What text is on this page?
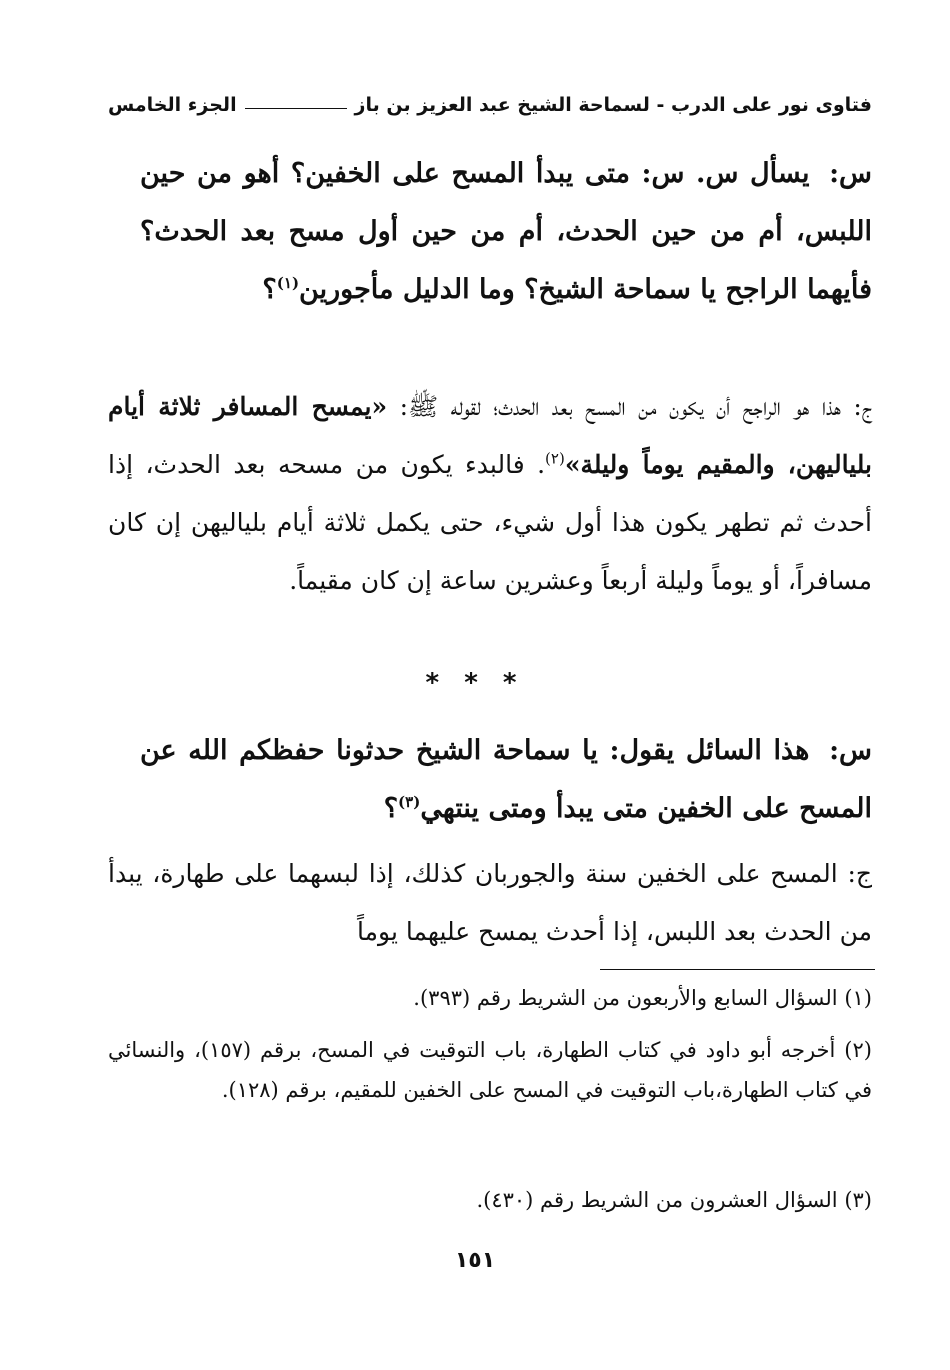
فتاوى نور على الدرب - لسماحة الشيخ عبد العزيز بن باز
الجزء الخامس
س: يسأل س. س: متى يبدأ المسح على الخفين؟ أهو من حين اللبس، أم من حين الحدث، أم من حين أول مسح بعد الحدث؟ فأيهما الراجح يا سماحة الشيخ؟ وما الدليل مأجورين$^{(١)}$؟
ج: هذا هو الراجح أن يكون من المسح بعد الحدث؛ لقوله ﷺ: «يمسح المسافر ثلاثة أيام بلياليهن، والمقيم يوماً وليلة»$^{(٢)}$. فالبدء يكون من مسحه بعد الحدث، إذا أحدث ثم تطهر يكون هذا أول شيء، حتى يكمل ثلاثة أيام بلياليهن إن كان مسافراً، أو يوماً وليلة أربعاً وعشرين ساعة إن كان مقيماً.
* * *
س: هذا السائل يقول: يا سماحة الشيخ حدثونا حفظكم الله عن المسح على الخفين متى يبدأ ومتى ينتهي$^{(٣)}$؟
ج: المسح على الخفين سنة والجوربان كذلك، إذا لبسهما على طهارة، يبدأ من الحدث بعد اللبس، إذا أحدث يمسح عليهما يوماً
(١) السؤال السابع والأربعون من الشريط رقم (٣٩٣).
(٢) أخرجه أبو داود في كتاب الطهارة، باب التوقيت في المسح، برقم (١٥٧)، والنسائي في كتاب الطهارة،باب التوقيت في المسح على الخفين للمقيم، برقم (١٢٨).
(٣) السؤال العشرون من الشريط رقم (٤٣٠).
١٥١
